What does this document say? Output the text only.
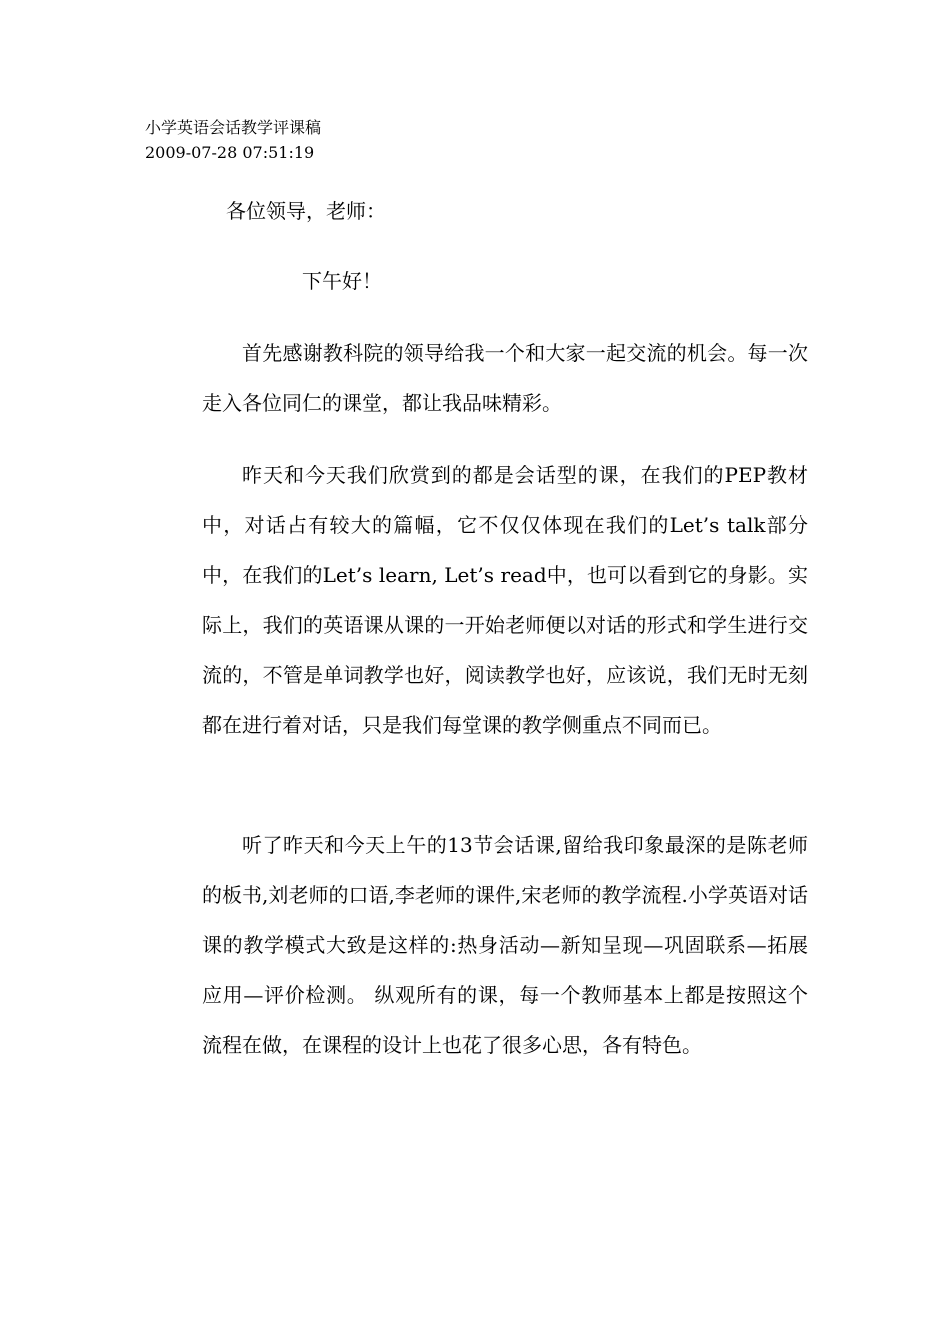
小学英语会话教学评课稿
2009-07-28 07:51:19
各位领导，老师：
下午好！

首先感谢教科院的领导给我一个和大家一起交流的机会。每一次走入各位同仁的课堂，都让我品味精彩。

昨天和今天我们欣赏到的都是会话型的课，在我们的PEP教材中，对话占有较大的篇幅，它不仅仅体现在我们的Let’s talk部分中，在我们的Let’s learn, Let’s read中，也可以看到它的身影。实际上，我们的英语课从课的一开始老师便以对话的形式和学生进行交流的，不管是单词教学也好，阅读教学也好，应该说，我们无时无刻都在进行着对话，只是我们每堂课的教学侧重点不同而已。

听了昨天和今天上午的13节会话课,留给我印象最深的是陈老师的板书,刘老师的口语,李老师的课件,宋老师的教学流程.小学英语对话课的教学模式大致是这样的:热身活动—新知呈现—巩固联系—拓展应用—评价检测。 纵观所有的课，每一个教师基本上都是按照这个流程在做，在课程的设计上也花了很多心思，各有特色。
